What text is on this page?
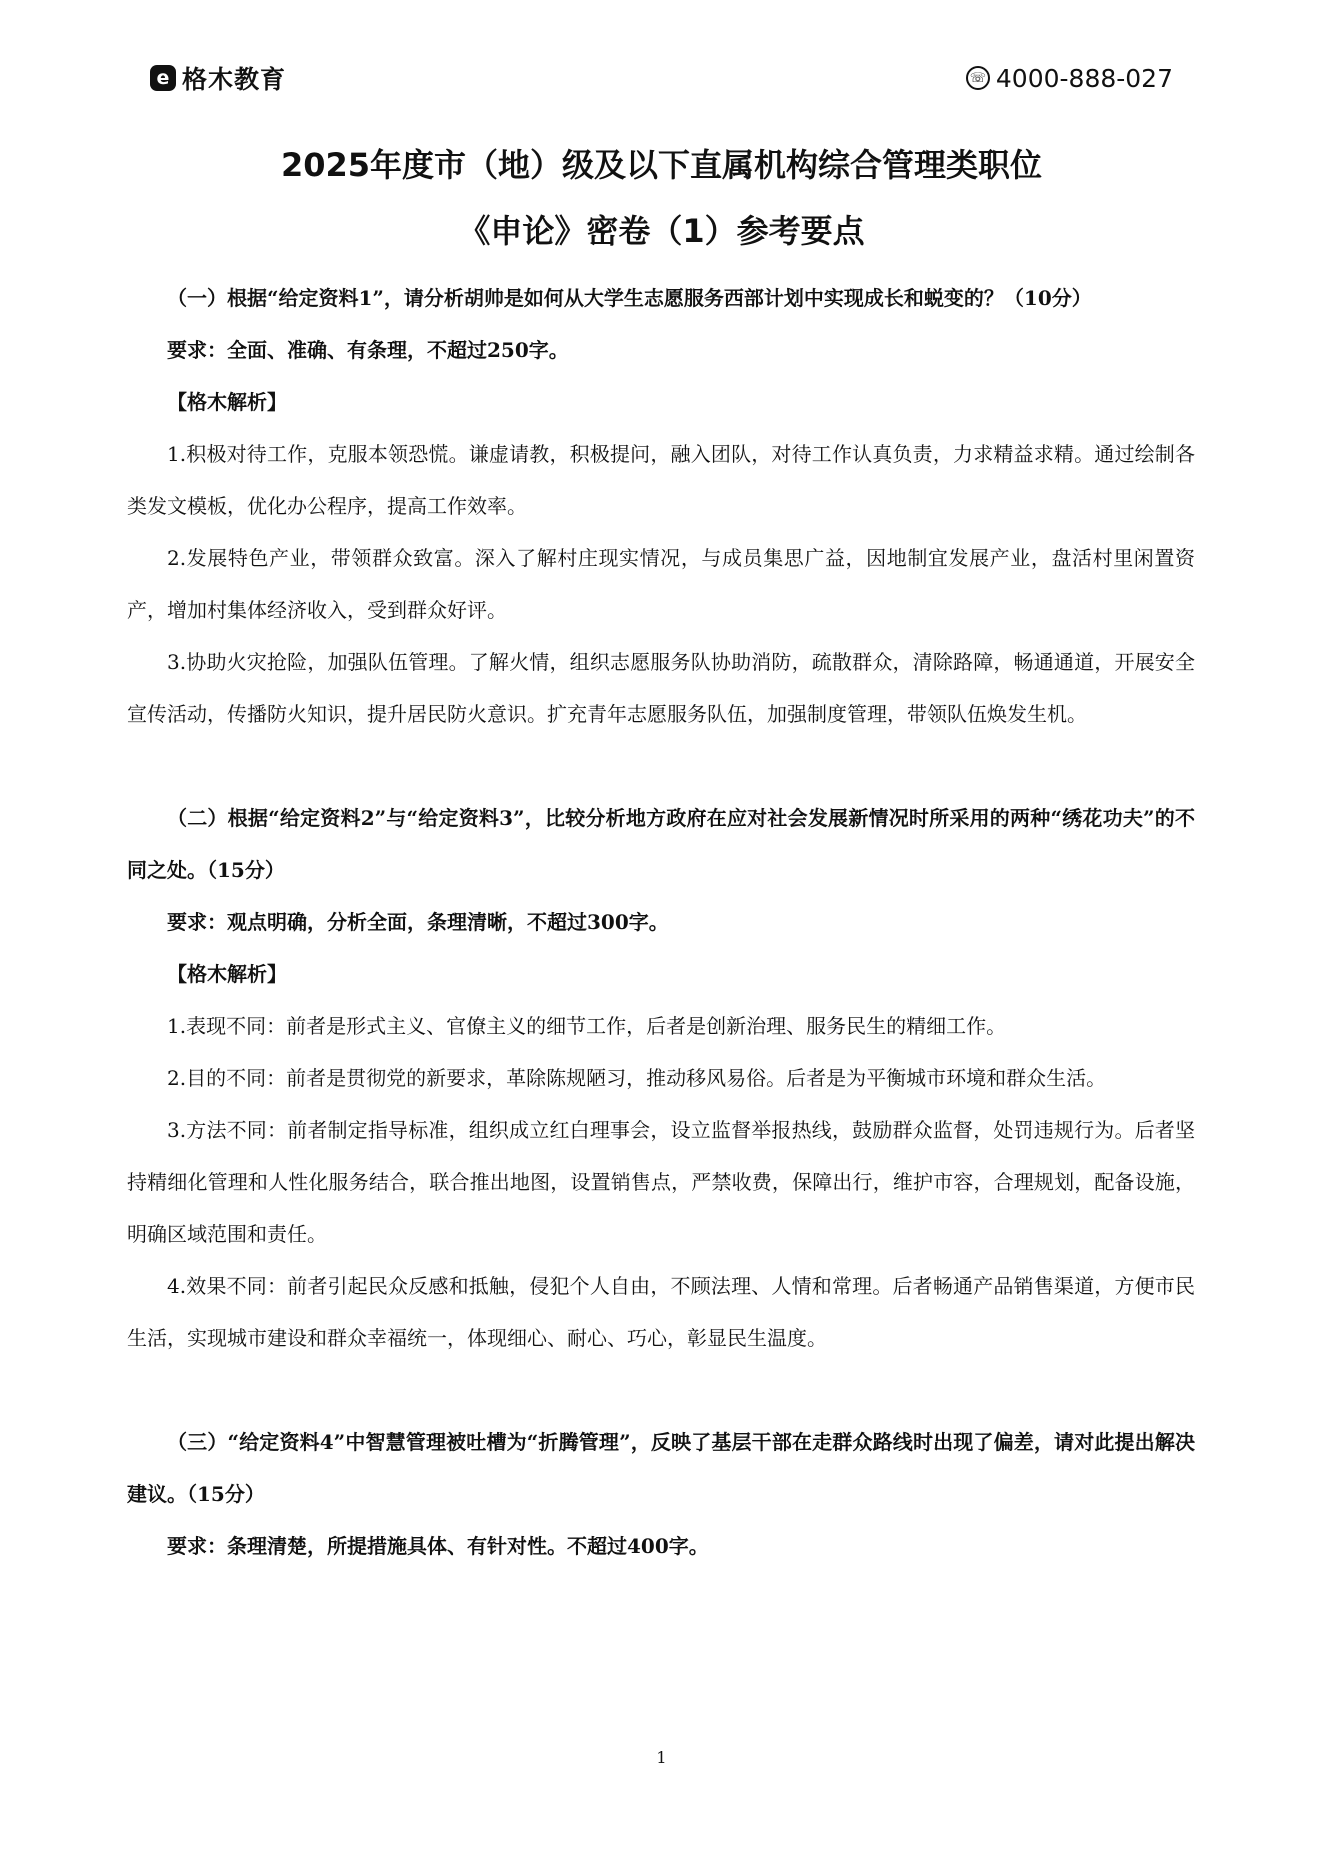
e 格木教育	☏ 4000-888-027
2025年度市（地）级及以下直属机构综合管理类职位
《申论》密卷（1）参考要点

（一）根据“给定资料1”，请分析胡帅是如何从大学生志愿服务西部计划中实现成长和蜕变的？（10分）

要求：全面、准确、有条理，不超过250字。

【格木解析】

1.积极对待工作，克服本领恐慌。谦虚请教，积极提问，融入团队，对待工作认真负责，力求精益求精。通过绘制各类发文模板，优化办公程序，提高工作效率。

2.发展特色产业，带领群众致富。深入了解村庄现实情况，与成员集思广益，因地制宜发展产业，盘活村里闲置资产，增加村集体经济收入，受到群众好评。

3.协助火灾抢险，加强队伍管理。了解火情，组织志愿服务队协助消防，疏散群众，清除路障，畅通通道，开展安全宣传活动，传播防火知识，提升居民防火意识。扩充青年志愿服务队伍，加强制度管理，带领队伍焕发生机。

（二）根据“给定资料2”与“给定资料3”，比较分析地方政府在应对社会发展新情况时所采用的两种“绣花功夫”的不同之处。（15分）

要求：观点明确，分析全面，条理清晰，不超过300字。

【格木解析】

1.表现不同：前者是形式主义、官僚主义的细节工作，后者是创新治理、服务民生的精细工作。

2.目的不同：前者是贯彻党的新要求，革除陈规陋习，推动移风易俗。后者是为平衡城市环境和群众生活。

3.方法不同：前者制定指导标准，组织成立红白理事会，设立监督举报热线，鼓励群众监督，处罚违规行为。后者坚持精细化管理和人性化服务结合，联合推出地图，设置销售点，严禁收费，保障出行，维护市容，合理规划，配备设施，明确区域范围和责任。

4.效果不同：前者引起民众反感和抵触，侵犯个人自由，不顾法理、人情和常理。后者畅通产品销售渠道，方便市民生活，实现城市建设和群众幸福统一，体现细心、耐心、巧心，彰显民生温度。

（三）“给定资料4”中智慧管理被吐槽为“折腾管理”，反映了基层干部在走群众路线时出现了偏差，请对此提出解决建议。（15分）

要求：条理清楚，所提措施具体、有针对性。不超过400字。

1
